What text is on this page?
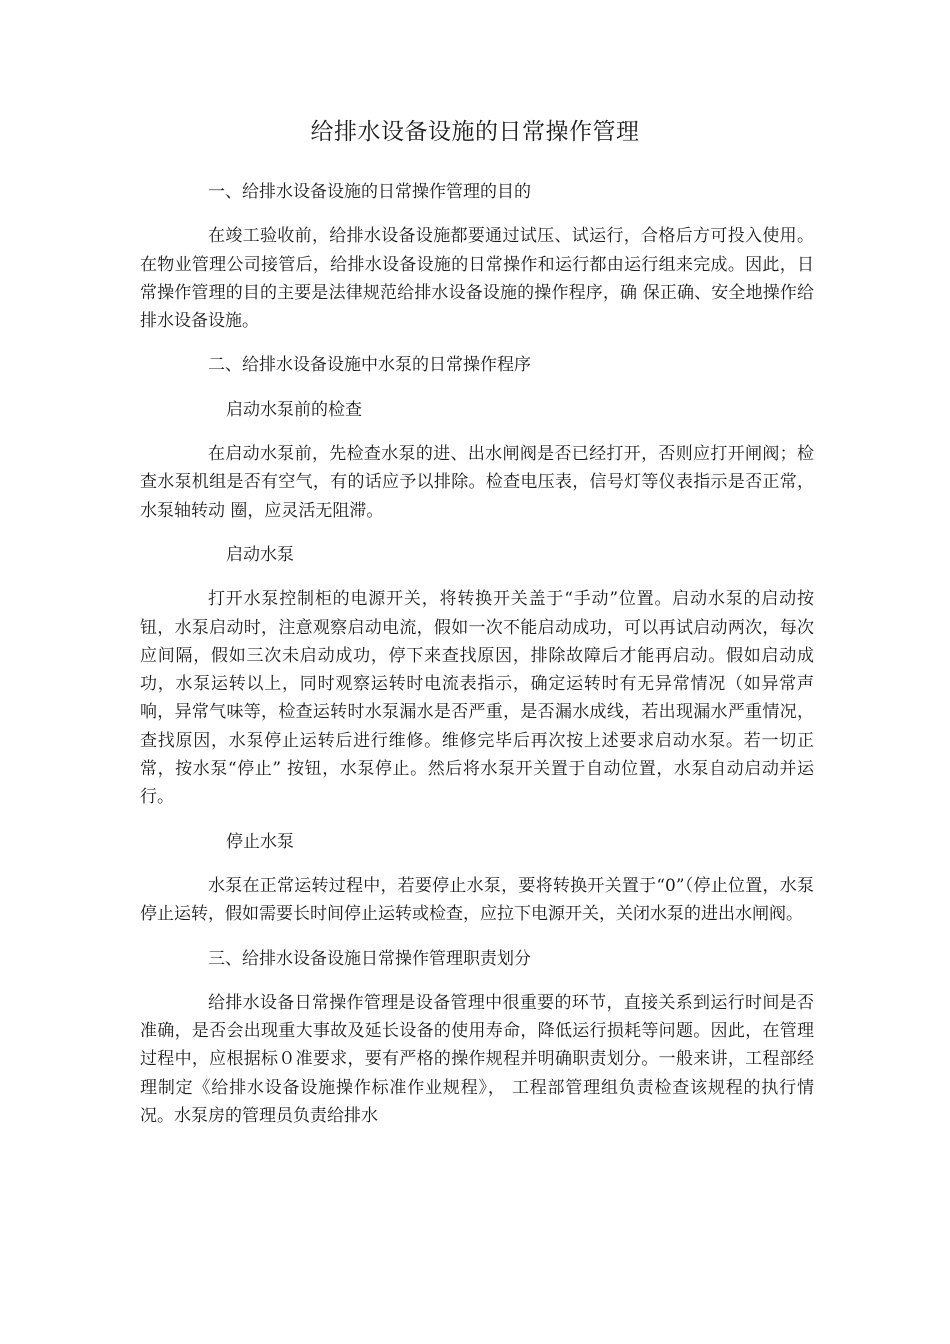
给排水设备设施的日常操作管理

一、给排水设备设施的日常操作管理的目的

在竣工验收前，给排水设备设施都要通过试压、试运行，合格后方可投入使用。在物业管理公司接管后，给排水设备设施的日常操作和运行都由运行组来完成。因此，日常操作管理的目的主要是法律规范给排水设备设施的操作程序，确 保正确、安全地操作给排水设备设施。

二、给排水设备设施中水泵的日常操作程序

启动水泵前的检查

在启动水泵前，先检查水泵的进、出水闸阀是否已经打开，否则应打开闸阀；检查水泵机组是否有空气，有的话应予以排除。检查电压表，信号灯等仪表指示是否正常，水泵轴转动 圈，应灵活无阻滞。

启动水泵

打开水泵控制柜的电源开关，将转换开关盖于“手动”位置。启动水泵的启动按钮，水泵启动时，注意观察启动电流，假如一次不能启动成功，可以再试启动两次，每次应间隔，假如三次未启动成功，停下来查找原因，排除故障后才能再启动。假如启动成功，水泵运转以上，同时观察运转时电流表指示，确定运转时有无异常情况（如异常声响，异常气味等，检查运转时水泵漏水是否严重，是否漏水成线，若出现漏水严重情况，查找原因，水泵停止运转后进行维修。维修完毕后再次按上述要求启动水泵。若一切正常，按水泵“停止” 按钮，水泵停止。然后将水泵开关置于自动位置，水泵自动启动并运行。

停止水泵

水泵在正常运转过程中，若要停止水泵，要将转换开关置于“0”（停止位置，水泵停止运转，假如需要长时间停止运转或检查，应拉下电源开关，关闭水泵的进出水闸阀。

三、给排水设备设施日常操作管理职责划分

给排水设备日常操作管理是设备管理中很重要的环节，直接关系到运行时间是否准确，是否会出现重大事故及延长设备的使用寿命，降低运行损耗等问题。因此，在管理过程中，应根据标０准要求，要有严格的操作规程并明确职责划分。一般来讲，工程部经理制定《给排水设备设施操作标准作业规程》， 工程部管理组负责检查该规程的执行情况。水泵房的管理员负责给排水
